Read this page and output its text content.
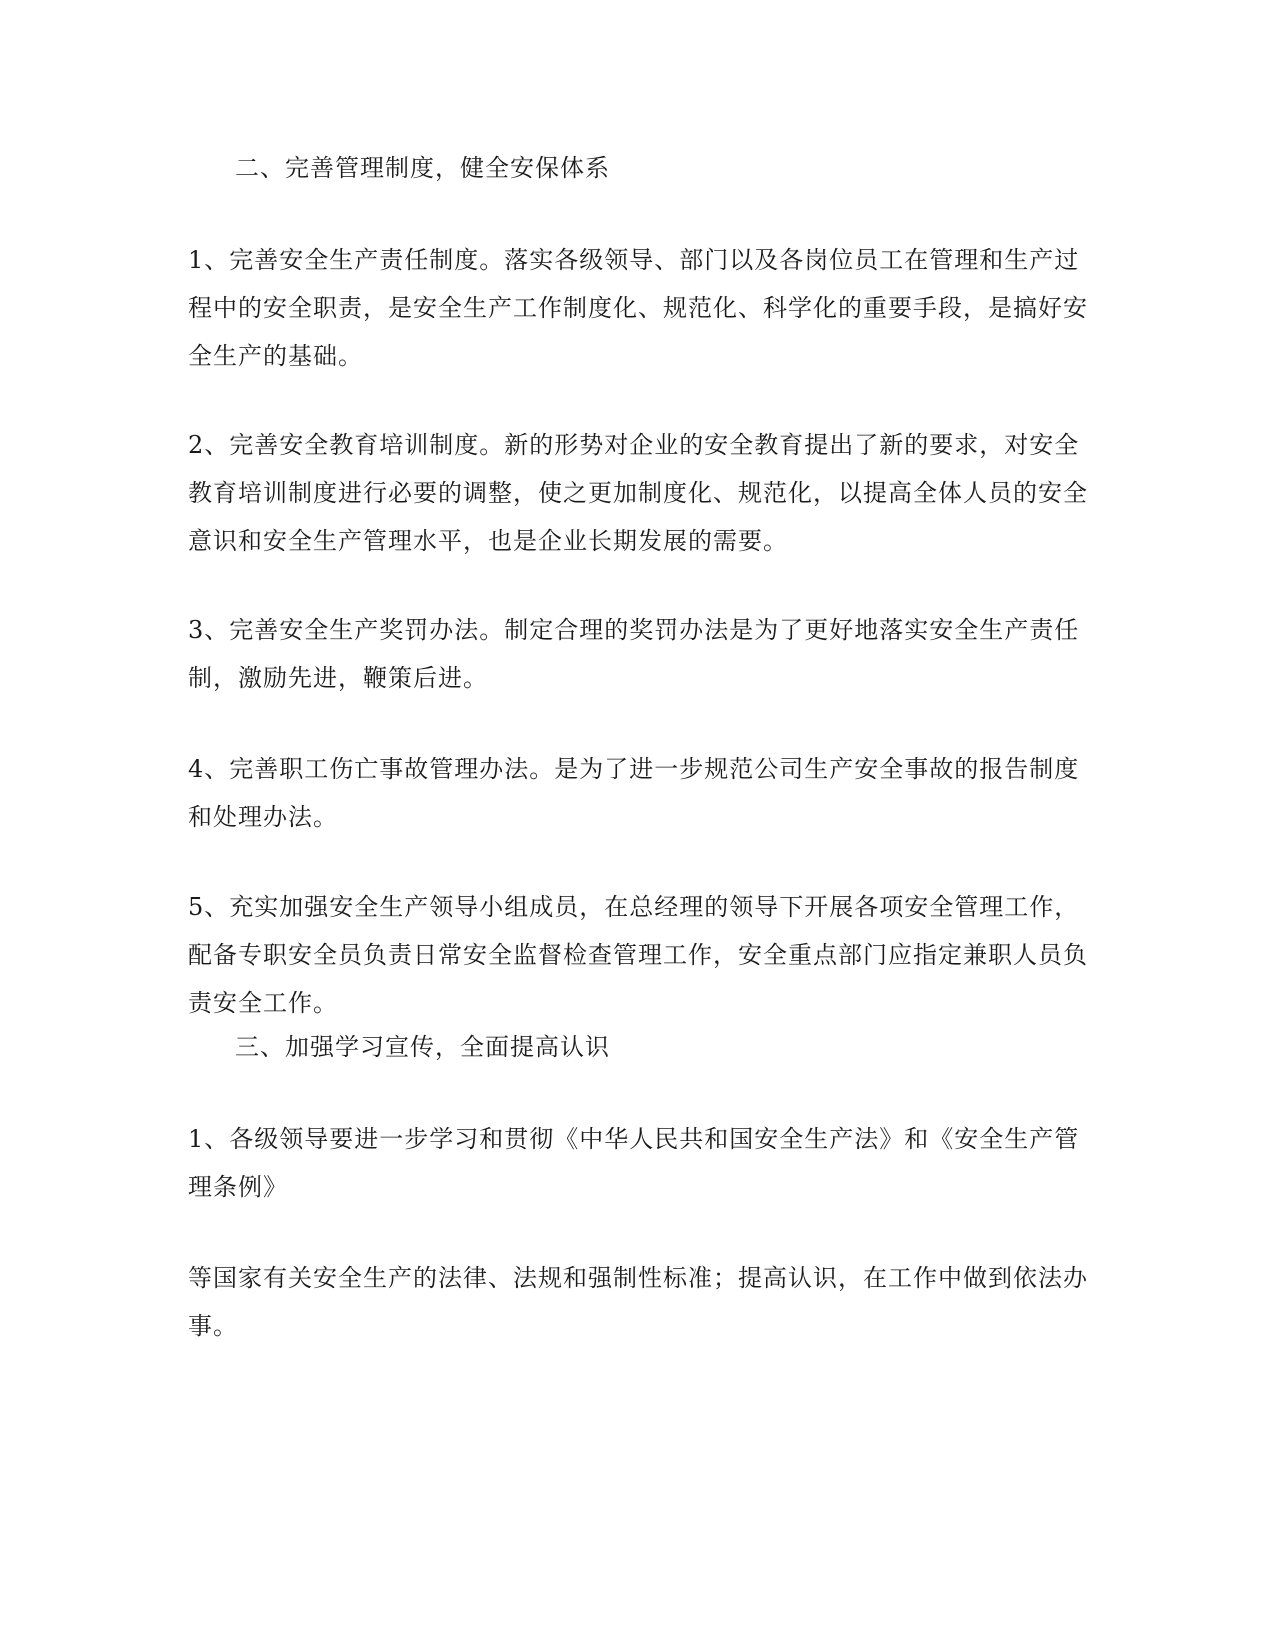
二、完善管理制度，健全安保体系
1、完善安全生产责任制度。落实各级领导、部门以及各岗位员工在管理和生产过
程中的安全职责，是安全生产工作制度化、规范化、科学化的重要手段，是搞好安
全生产的基础。
2、完善安全教育培训制度。新的形势对企业的安全教育提出了新的要求，对安全
教育培训制度进行必要的调整，使之更加制度化、规范化，以提高全体人员的安全
意识和安全生产管理水平，也是企业长期发展的需要。
3、完善安全生产奖罚办法。制定合理的奖罚办法是为了更好地落实安全生产责任
制，激励先进，鞭策后进。
4、完善职工伤亡事故管理办法。是为了进一步规范公司生产安全事故的报告制度
和处理办法。
5、充实加强安全生产领导小组成员，在总经理的领导下开展各项安全管理工作，
配备专职安全员负责日常安全监督检查管理工作，安全重点部门应指定兼职人员负
责安全工作。
三、加强学习宣传，全面提高认识
1、各级领导要进一步学习和贯彻《中华人民共和国安全生产法》和《安全生产管
理条例》
等国家有关安全生产的法律、法规和强制性标准；提高认识，在工作中做到依法办
事。
